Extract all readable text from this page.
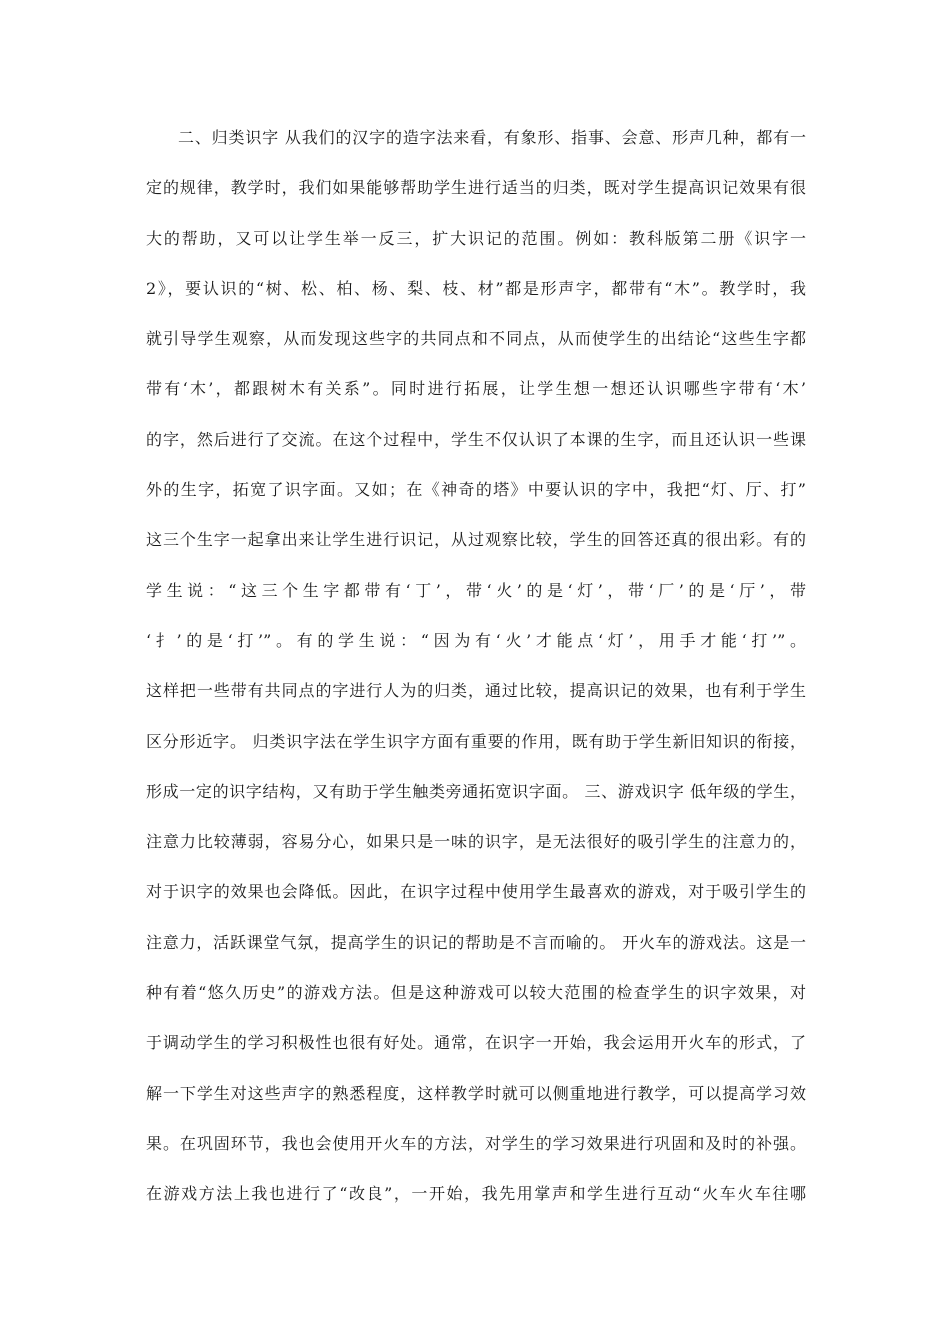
二、归类识字 从我们的汉字的造字法来看，有象形、指事、会意、形声几种，都有一
定的规律，教学时，我们如果能够帮助学生进行适当的归类，既对学生提高识记效果有很
大的帮助，又可以让学生举一反三，扩大识记的范围。例如：教科版第二册《识字一
2》，要认识的“树、松、柏、杨、梨、枝、材”都是形声字，都带有“木”。教学时，我
就引导学生观察，从而发现这些字的共同点和不同点，从而使学生的出结论“这些生字都
带有‘木’，都跟树木有关系”。同时进行拓展，让学生想一想还认识哪些字带有‘木’
的字，然后进行了交流。在这个过程中，学生不仅认识了本课的生字，而且还认识一些课
外的生字，拓宽了识字面。又如；在《神奇的塔》中要认识的字中，我把“灯、厅、打”
这三个生字一起拿出来让学生进行识记，从过观察比较，学生的回答还真的很出彩。有的
学生说：“这三个生字都带有‘丁’，带‘火’的是‘灯’，带‘厂’的是‘厅’，带
‘扌’的是‘打’”。有的学生说：“因为有‘火’才能点‘灯’，用手才能‘打’”。
这样把一些带有共同点的字进行人为的归类，通过比较，提高识记的效果，也有利于学生
区分形近字。 归类识字法在学生识字方面有重要的作用，既有助于学生新旧知识的衔接，
形成一定的识字结构，又有助于学生触类旁通拓宽识字面。 三、游戏识字 低年级的学生，
注意力比较薄弱，容易分心，如果只是一味的识字，是无法很好的吸引学生的注意力的，
对于识字的效果也会降低。因此，在识字过程中使用学生最喜欢的游戏，对于吸引学生的
注意力，活跃课堂气氛，提高学生的识记的帮助是不言而喻的。 开火车的游戏法。这是一
种有着“悠久历史”的游戏方法。但是这种游戏可以较大范围的检查学生的识字效果，对
于调动学生的学习积极性也很有好处。通常，在识字一开始，我会运用开火车的形式，了
解一下学生对这些声字的熟悉程度，这样教学时就可以侧重地进行教学，可以提高学习效
果。在巩固环节，我也会使用开火车的方法，对学生的学习效果进行巩固和及时的补强。
在游戏方法上我也进行了“改良”，一开始，我先用掌声和学生进行互动“火车火车往哪
